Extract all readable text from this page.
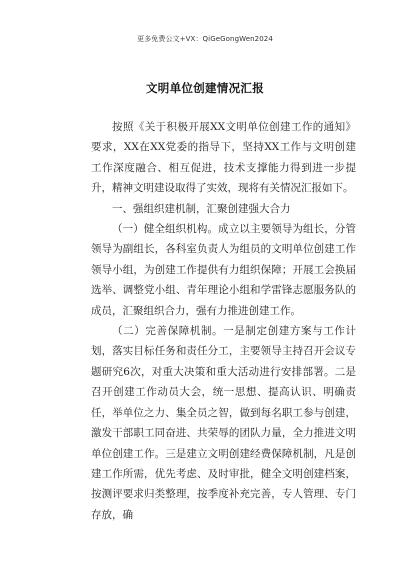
更多免费公文+VX：QiGeGongWen2024
文明单位创建情况汇报

按照《关于积极开展XX文明单位创建工作的通知》要求，XX在XX党委的指导下，坚持XX工作与文明创建工作深度融合、相互促进，技术支撑能力得到进一步提升，精神文明建设取得了实效，现将有关情况汇报如下。

一、强组织建机制，汇聚创建强大合力

（一）健全组织机构。成立以主要领导为组长，分管领导为副组长，各科室负责人为组员的文明单位创建工作领导小组，为创建工作提供有力组织保障；开展工会换届选举、调整党小组、青年理论小组和学雷锋志愿服务队的成员，汇聚组织合力，强有力推进创建工作。

（二）完善保障机制。一是制定创建方案与工作计划，落实目标任务和责任分工，主要领导主持召开会议专题研究6次，对重大决策和重大活动进行安排部署。二是召开创建工作动员大会，统一思想、提高认识、明确责任，举单位之力、集全员之智，做到每名职工参与创建，激发干部职工同奋进、共荣辱的团队力量，全力推进文明单位创建工作。三是建立文明创建经费保障机制，凡是创建工作所需，优先考虑、及时审批，健全文明创建档案，按测评要求归类整理，按季度补充完善，专人管理、专门存放，确
